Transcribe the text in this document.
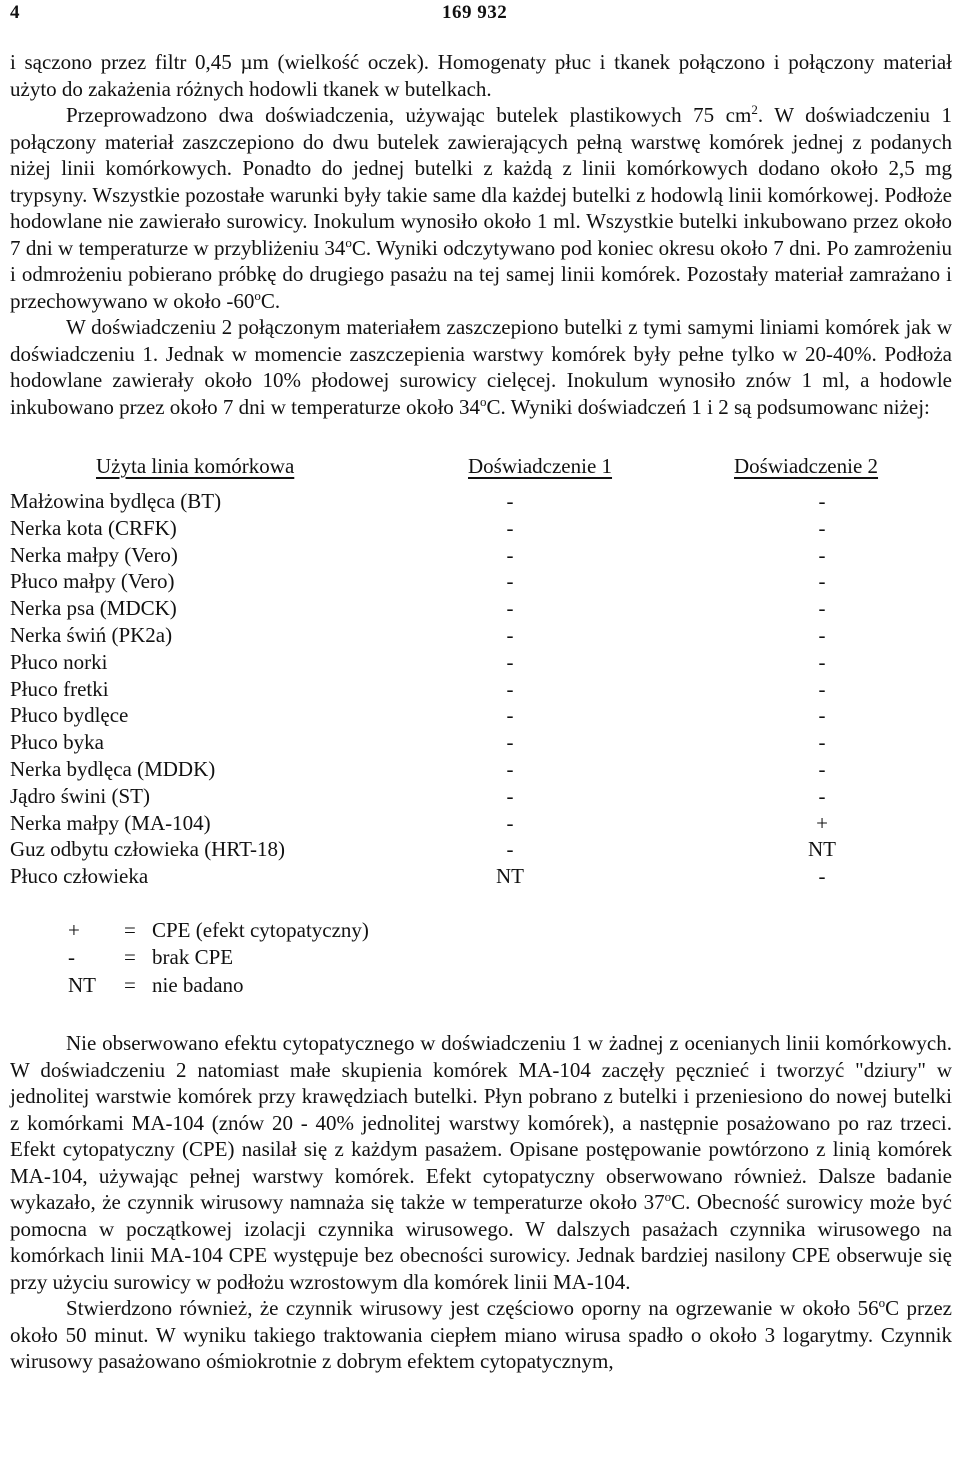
4	169 932

i sączono przez filtr 0,45 µm (wielkość oczek). Homogenaty płuc i tkanek połączono i połączony materiał użyto do zakażenia różnych hodowli tkanek w butelkach.

Przeprowadzono dwa doświadczenia, używając butelek plastikowych 75 $cm^2$. W doświadczeniu 1 połączony materiał zaszczepiono do dwu butelek zawierających pełną warstwę komórek jednej z podanych niżej linii komórkowych. Ponadto do jednej butelki z każdą z linii komórkowych dodano około 2,5 mg trypsyny. Wszystkie pozostałe warunki były takie same dla każdej butelki z hodowlą linii komórkowej. Podłoże hodowlane nie zawierało surowicy. Inokulum wynosiło około 1 ml. Wszystkie butelki inkubowano przez około 7 dni w temperaturze w przybliżeniu 34$^o$C. Wyniki odczytywano pod koniec okresu około 7 dni. Po zamrożeniu i odmrożeniu pobierano próbkę do drugiego pasażu na tej samej linii komórek. Pozostały materiał zamrażano i przechowywano w około -60$^o$C.

W doświadczeniu 2 połączonym materiałem zaszczepiono butelki z tymi samymi liniami komórek jak w doświadczeniu 1. Jednak w momencie zaszczepienia warstwy komórek były pełne tylko w 20-40%. Podłoża hodowlane zawierały około 10% płodowej surowicy cielęcej. Inokulum wynosiło znów 1 ml, a hodowle inkubowano przez około 7 dni w temperaturze około 34$^o$C. Wyniki doświadczeń 1 i 2 są podsumowanc niżej:

Użyta linia komórkowa	Doświadczenie 1	Doświadczenie 2
Małżowina bydlęca (BT)	-	-
Nerka kota (CRFK)	-	-
Nerka małpy (Vero)	-	-
Płuco małpy (Vero)	-	-
Nerka psa (MDCK)	-	-
Nerka świń (PK2a)	-	-
Płuco norki	-	-
Płuco fretki	-	-
Płuco bydlęce	-	-
Płuco byka	-	-
Nerka bydlęca (MDDK)	-	-
Jądro świni (ST)	-	-
Nerka małpy (MA-104)	-	+
Guz odbytu człowieka (HRT-18)	-	NT
Płuco człowieka	NT	-
+ = CPE (efekt cytopatyczny)
- = brak CPE
NT = nie badano

Nie obserwowano efektu cytopatycznego w doświadczeniu 1 w żadnej z ocenianych linii komórkowych. W doświadczeniu 2 natomiast małe skupienia komórek MA-104 zaczęły pęcznieć i tworzyć "dziury" w jednolitej warstwie komórek przy krawędziach butelki. Płyn pobrano z butelki i przeniesiono do nowej butelki z komórkami MA-104 (znów 20 - 40% jednolitej warstwy komórek), a następnie posażowano po raz trzeci. Efekt cytopatyczny (CPE) nasilał się z każdym pasażem. Opisane postępowanie powtórzono z linią komórek MA-104, używając pełnej warstwy komórek. Efekt cytopatyczny obserwowano również. Dalsze badanie wykazało, że czynnik wirusowy namnaża się także w temperaturze około 37$^o$C. Obecność surowicy może być pomocna w początkowej izolacji czynnika wirusowego. W dalszych pasażach czynnika wirusowego na komórkach linii MA-104 CPE występuje bez obecności surowicy. Jednak bardziej nasilony CPE obserwuje się przy użyciu surowicy w podłożu wzrostowym dla komórek linii MA-104.

Stwierdzono również, że czynnik wirusowy jest częściowo oporny na ogrzewanie w około 56$^o$C przez około 50 minut. W wyniku takiego traktowania ciepłem miano wirusa spadło o około 3 logarytmy. Czynnik wirusowy pasażowano ośmiokrotnie z dobrym efektem cytopatycznym,
